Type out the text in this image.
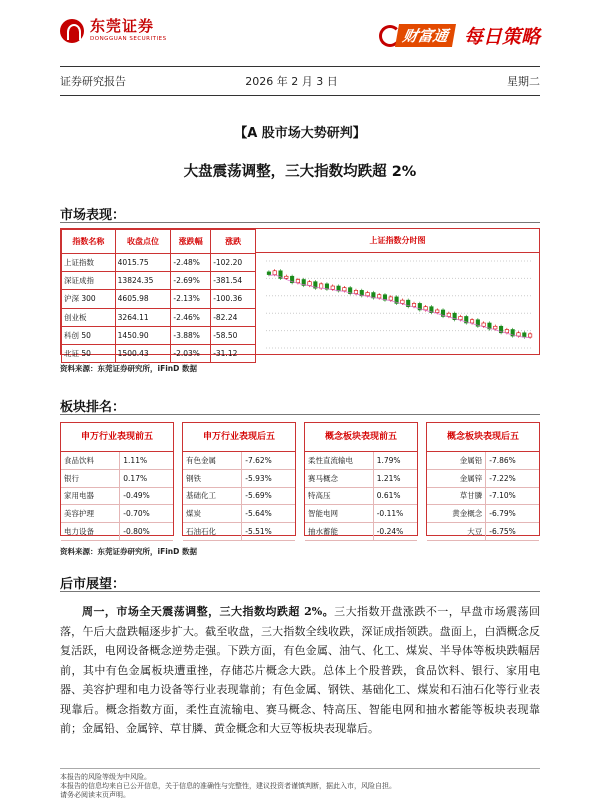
东莞证券
DONGGUAN SECURITIES	财富通 每日策略
证券研究报告	2026 年 2 月 3 日	星期二
【A 股市场大势研判】
大盘震荡调整，三大指数均跌超 2%
市场表现：
指数名称	收盘点位	涨跌幅	涨跌
上证指数	4015.75	-2.48%	-102.20
深证成指	13824.35	-2.69%	-381.54
沪深 300	4605.98	-2.13%	-100.36
创业板	3264.11	-2.46%	-82.24
科创 50	1450.90	-3.88%	-58.50
北证 50	1500.43	-2.03%	-31.12
上证指数分时图
资料来源：东莞证券研究所，iFinD 数据
板块排名：
申万行业表现前五
食品饮料	1.11%
银行	0.17%
家用电器	-0.49%
美容护理	-0.70%
电力设备	-0.80%
申万行业表现后五
有色金属	-7.62%
钢铁	-5.93%
基础化工	-5.69%
煤炭	-5.64%
石油石化	-5.51%
概念板块表现前五
柔性直流输电	1.79%
赛马概念	1.21%
特高压	0.61%
智能电网	-0.11%
抽水蓄能	-0.24%
概念板块表现后五
金属铅	-7.86%
金属锌	-7.22%
草甘膦	-7.10%
黄金概念	-6.79%
大豆	-6.75%
资料来源：东莞证券研究所，iFinD 数据
后市展望：
周一，市场全天震荡调整，三大指数均跌超 2%。三大指数开盘涨跌不一，早盘市场震荡回落，午后大盘跌幅逐步扩大。截至收盘，三大指数全线收跌，深证成指领跌。盘面上，白酒概念反复活跃，电网设备概念逆势走强。下跌方面，有色金属、油气、化工、煤炭、半导体等板块跌幅居前，其中有色金属板块遭重挫，存储芯片概念大跌。总体上个股普跌，食品饮料、银行、家用电器、美容护理和电力设备等行业表现靠前；有色金属、钢铁、基础化工、煤炭和石油石化等行业表现靠后。概念指数方面，柔性直流输电、赛马概念、特高压、智能电网和抽水蓄能等板块表现靠前；金属铅、金属锌、草甘膦、黄金概念和大豆等板块表现靠后。
本报告的风险等级为中风险。
本报告的信息均来自已公开信息，关于信息的准确性与完整性，建议投资者谨慎判断，据此入市，风险自担。
请务必阅读末页声明。
